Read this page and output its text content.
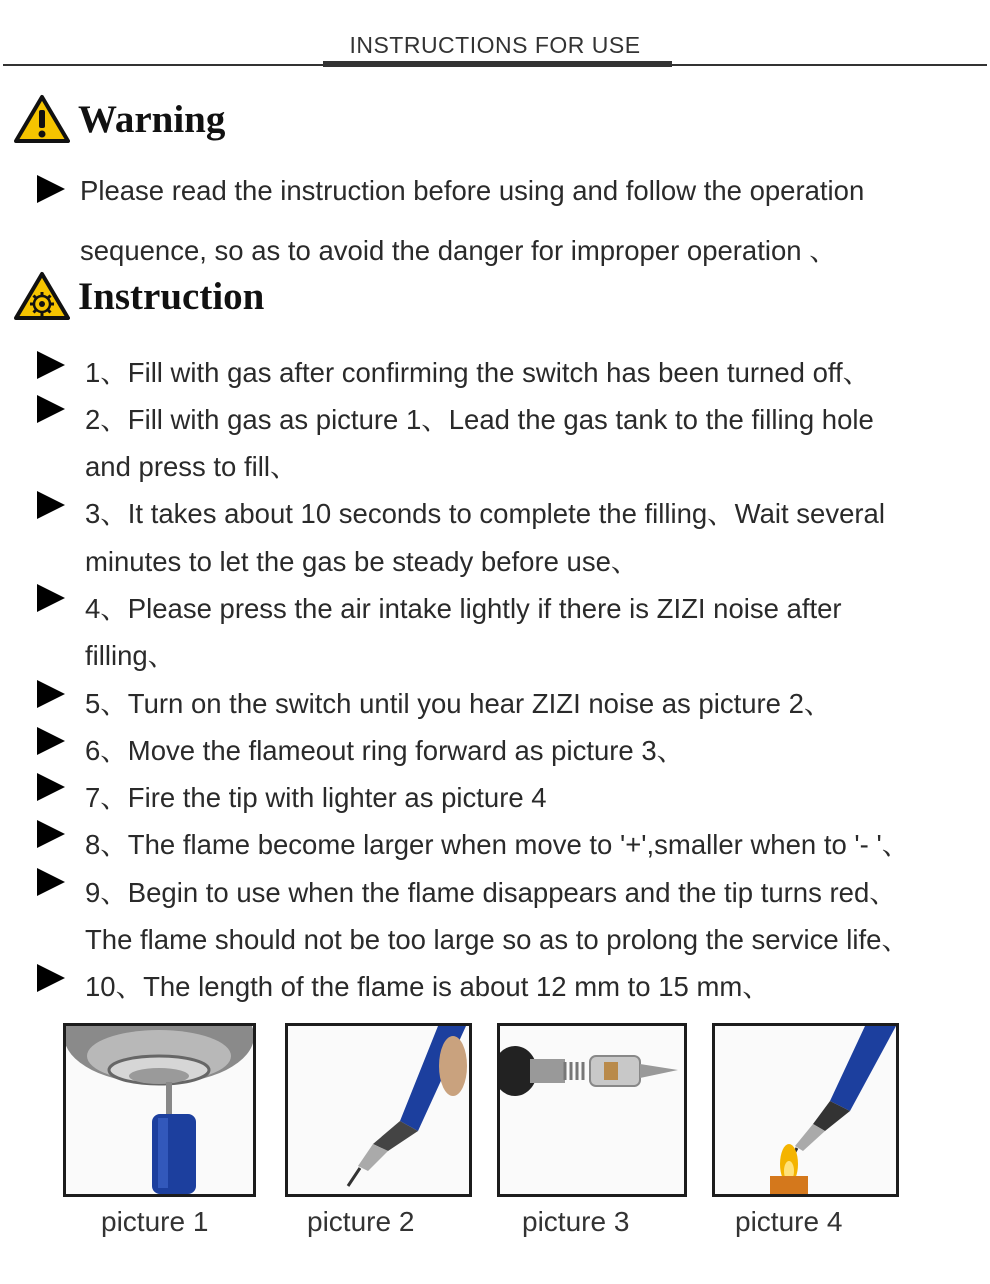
INSTRUCTIONS FOR USE
Warning
Please read the instruction before using and follow the operation
sequence, so as to avoid the danger for improper operation 、
Instruction
1、Fill with gas after confirming the switch has been turned off、
2、Fill with gas as picture 1、Lead the gas tank to the filling hole
and press to fill、
3、It takes about 10 seconds to complete the filling、Wait several
minutes to let the gas be steady before use、
4、Please press the air intake lightly if there is ZIZI noise after
filling、
5、Turn on the switch until you hear ZIZI noise as picture 2、
6、Move the flameout ring forward as picture 3、
7、Fire the tip with lighter as picture 4
8、The flame become larger when move to '+',smaller when to '- '、
9、Begin to use when the flame disappears and the tip turns red、
The flame should not be too large so as to prolong the service life、
10、The length of the flame is about 12 mm to 15 mm、
picture 1	picture 2	picture 3	picture 4
